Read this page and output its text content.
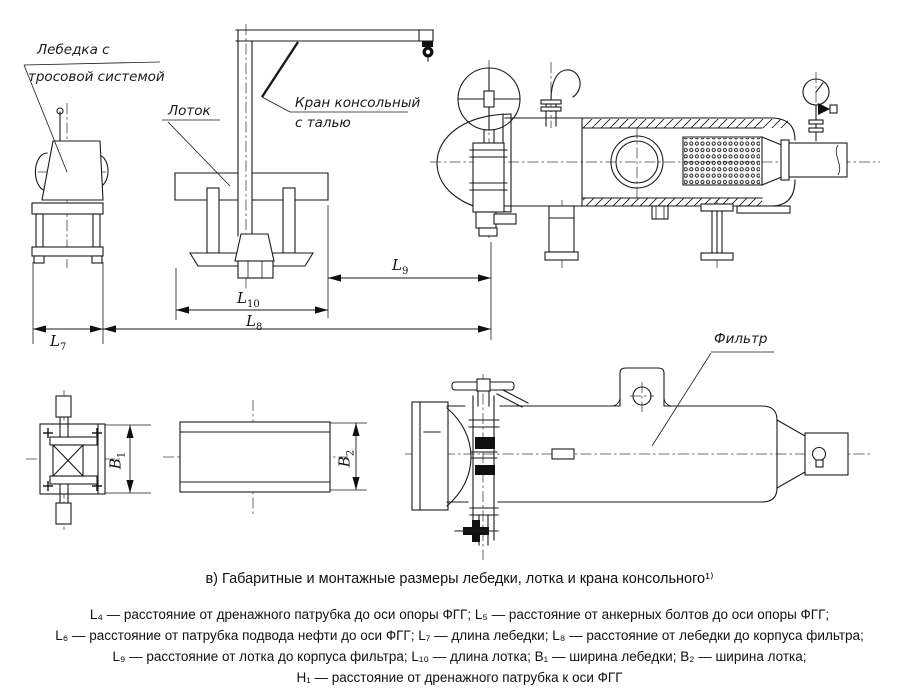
Лебедка с
тросовой системой
Лоток	Кран консольный
с талью
Фильтр
$L_7$
$L_{10}$
$L_8$
$L_9$
$B_1$
$B_2$
в) Габаритные и монтажные размеры лебедки, лотка и крана консольного¹⁾
L₄ — расстояние от дренажного патрубка до оси опоры ФГГ; L₅ — расстояние от анкерных болтов до оси опоры ФГГ;
L₆ — расстояние от патрубка подвода нефти до оси ФГГ; L₇ — длина лебедки; L₈ — расстояние от лебедки до корпуса фильтра;
L₉ — расстояние от лотка до корпуса фильтра; L₁₀ — длина лотка; B₁ — ширина лебедки; B₂ — ширина лотка;
H₁ — расстояние от дренажного патрубка к оси ФГГ
